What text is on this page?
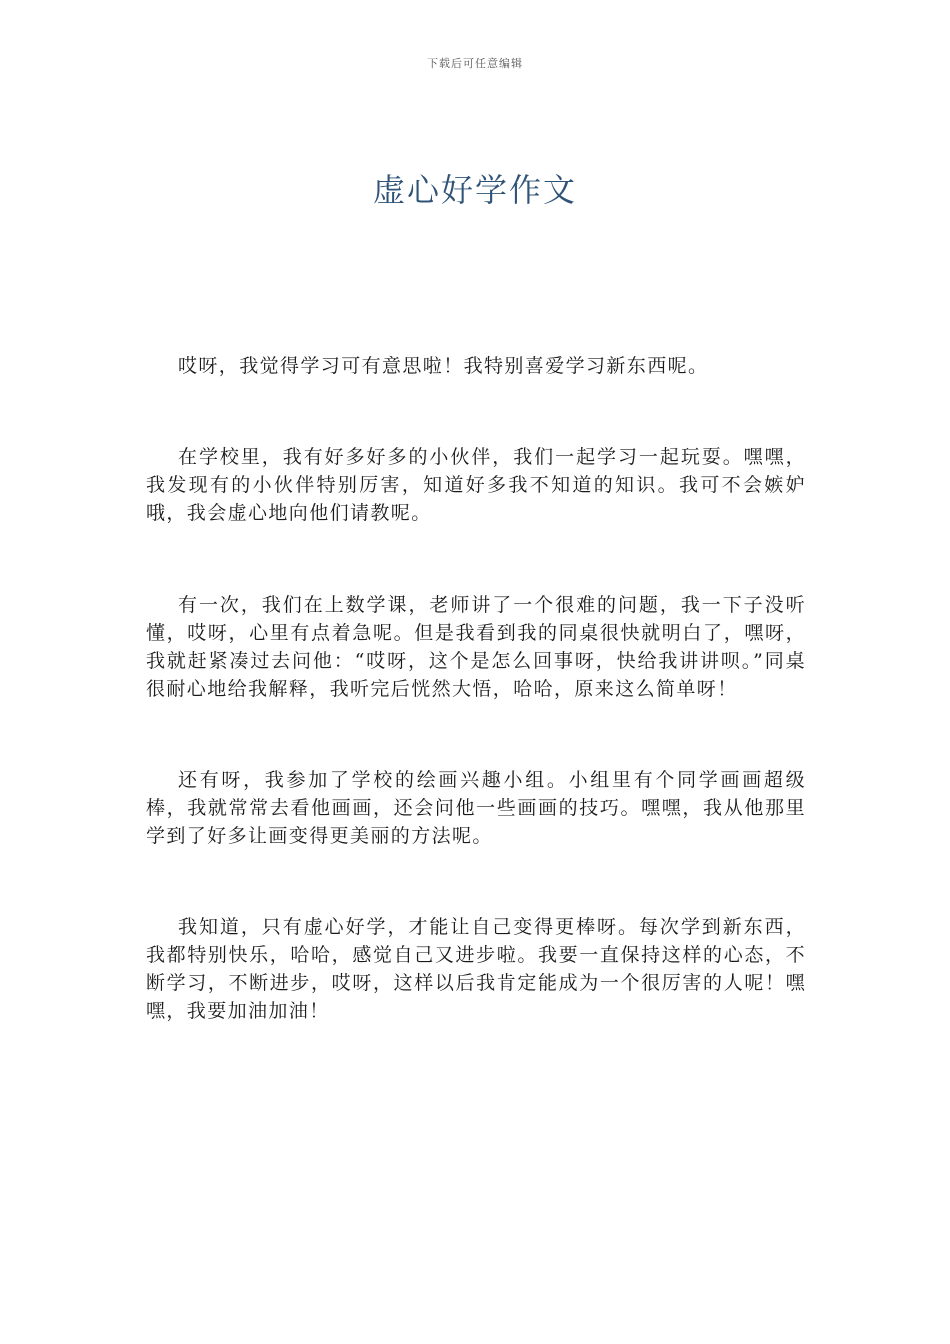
下载后可任意编辑
虚心好学作文

哎呀，我觉得学习可有意思啦！我特别喜爱学习新东西呢。

在学校里，我有好多好多的小伙伴，我们一起学习一起玩耍。嘿嘿，我发现有的小伙伴特别厉害，知道好多我不知道的知识。我可不会嫉妒哦，我会虚心地向他们请教呢。

有一次，我们在上数学课，老师讲了一个很难的问题，我一下子没听懂，哎呀，心里有点着急呢。但是我看到我的同桌很快就明白了，嘿呀，我就赶紧凑过去问他：“哎呀，这个是怎么回事呀，快给我讲讲呗。”同桌很耐心地给我解释，我听完后恍然大悟，哈哈，原来这么简单呀！

还有呀，我参加了学校的绘画兴趣小组。小组里有个同学画画超级棒，我就常常去看他画画，还会问他一些画画的技巧。嘿嘿，我从他那里学到了好多让画变得更美丽的方法呢。

我知道，只有虚心好学，才能让自己变得更棒呀。每次学到新东西，我都特别快乐，哈哈，感觉自己又进步啦。我要一直保持这样的心态，不断学习，不断进步，哎呀，这样以后我肯定能成为一个很厉害的人呢！嘿嘿，我要加油加油！
